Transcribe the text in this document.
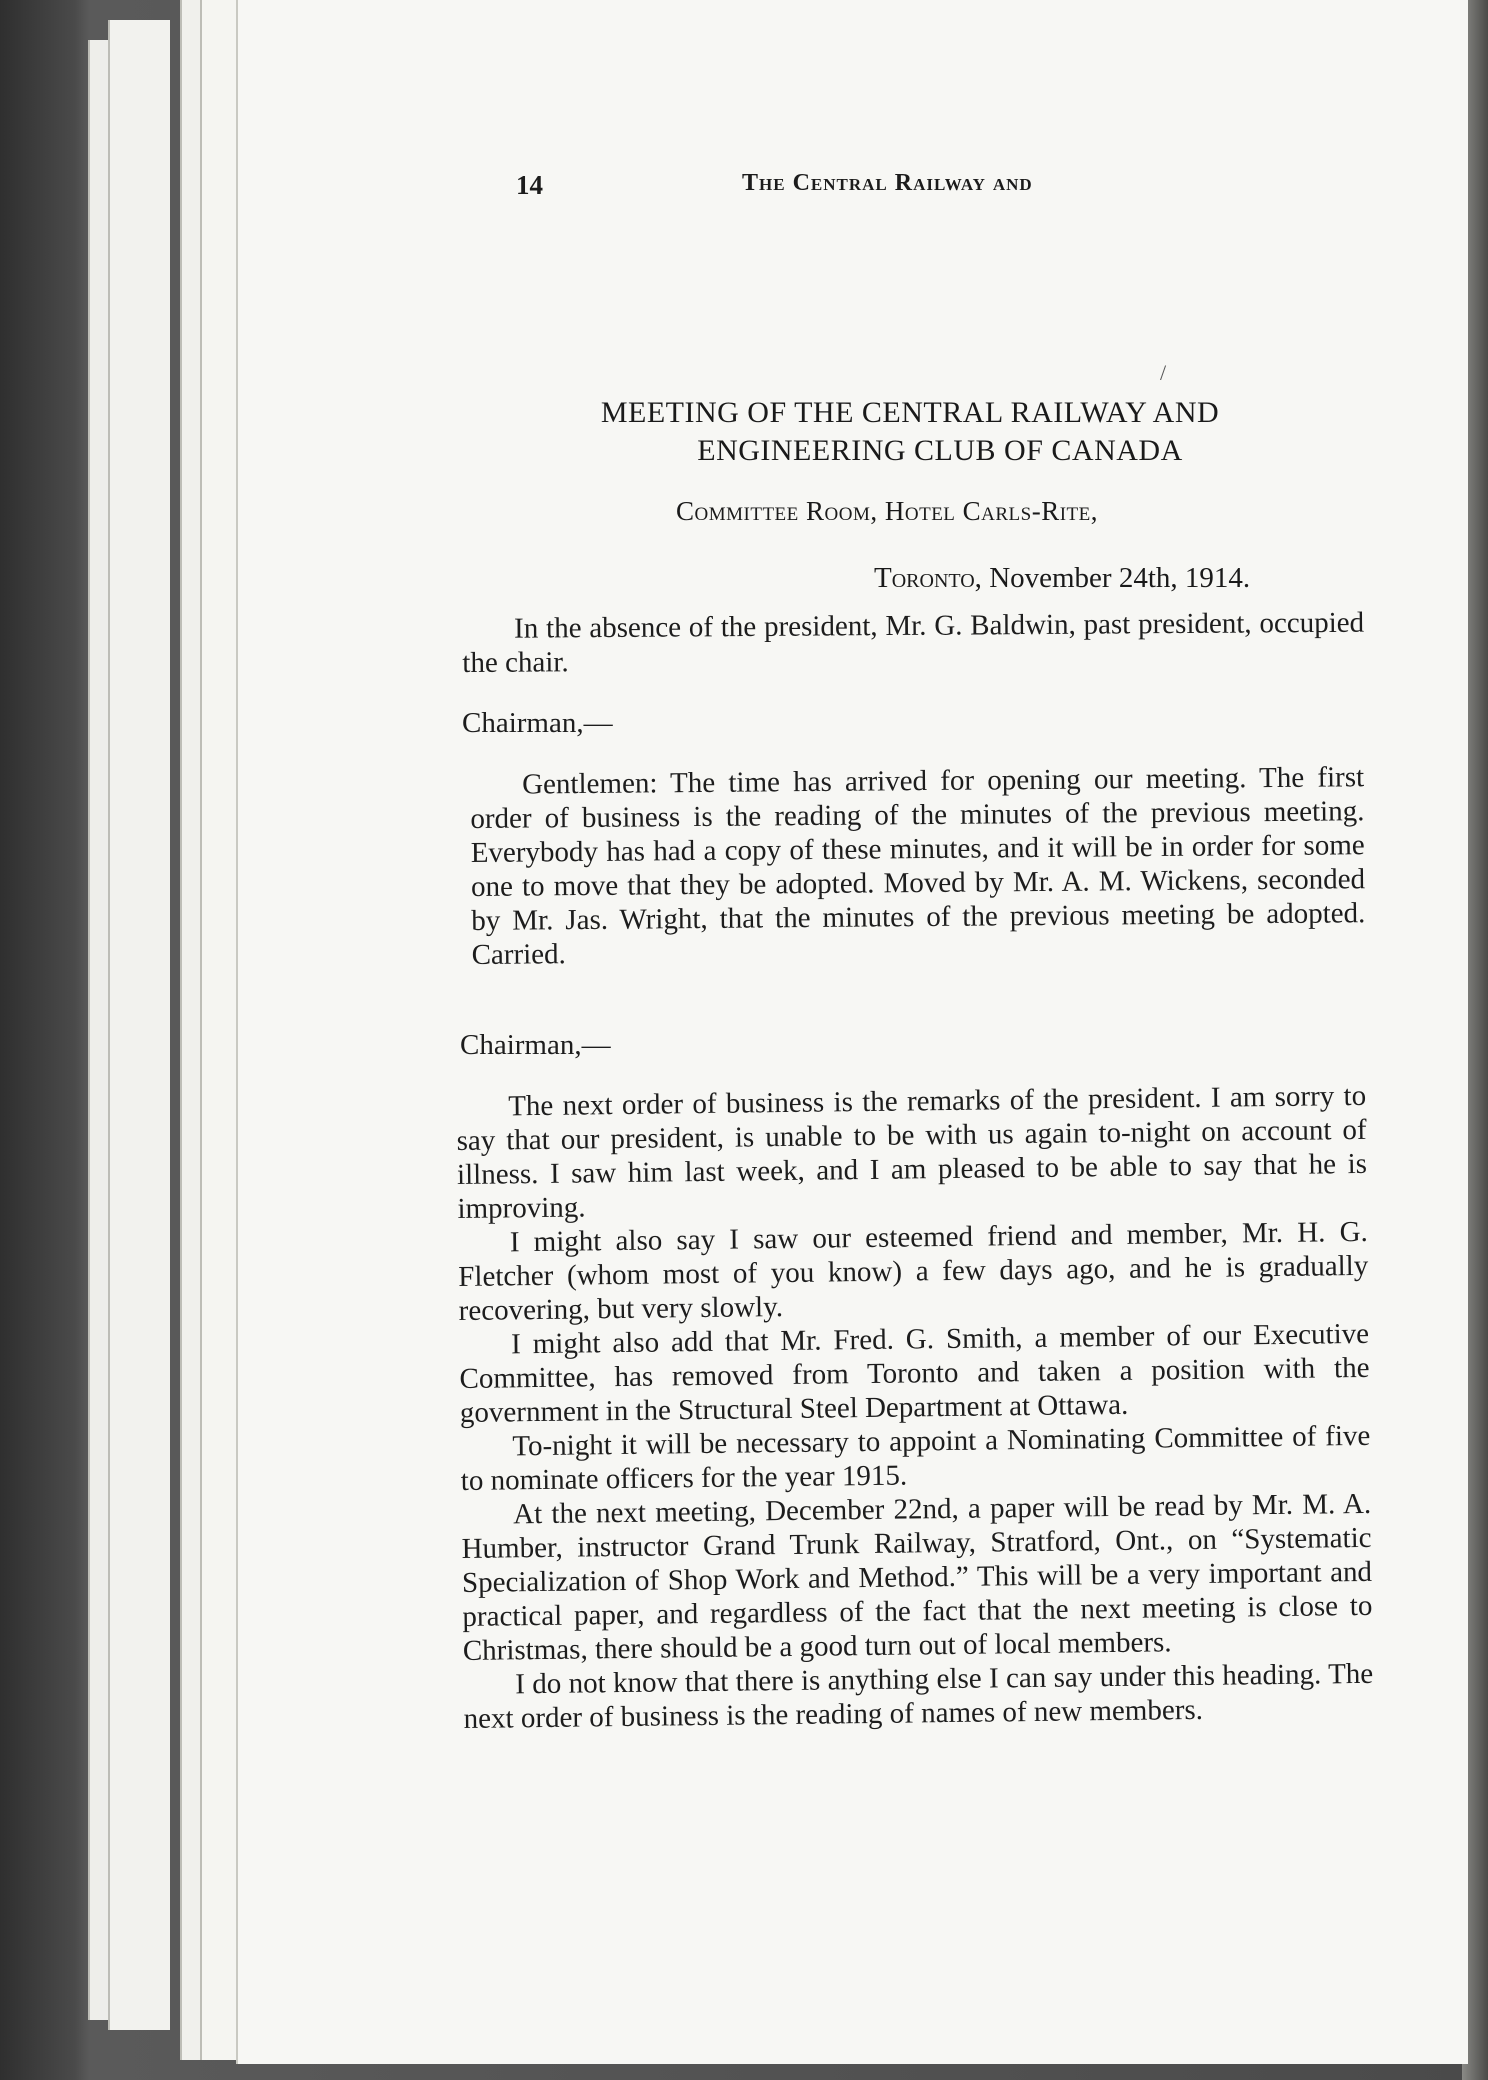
14	The Central Railway and
MEETING OF THE CENTRAL RAILWAY AND
ENGINEERING CLUB OF CANADA
Committee Room, Hotel Carls-Rite,
Toronto, November 24th, 1914.

In the absence of the president, Mr. G. Baldwin, past president, occupied the chair.

Chairman,—

Gentlemen: The time has arrived for opening our meeting. The first order of business is the reading of the minutes of the previous meeting. Everybody has had a copy of these minutes, and it will be in order for some one to move that they be adopted. Moved by Mr. A. M. Wickens, seconded by Mr. Jas. Wright, that the minutes of the previous meeting be adopted. Carried.

Chairman,—

The next order of business is the remarks of the president. I am sorry to say that our president, is unable to be with us again to-night on account of illness. I saw him last week, and I am pleased to be able to say that he is improving.

I might also say I saw our esteemed friend and member, Mr. H. G. Fletcher (whom most of you know) a few days ago, and he is gradually recovering, but very slowly.

I might also add that Mr. Fred. G. Smith, a member of our Executive Committee, has removed from Toronto and taken a position with the government in the Structural Steel Department at Ottawa.

To-night it will be necessary to appoint a Nominating Committee of five to nominate officers for the year 1915.

At the next meeting, December 22nd, a paper will be read by Mr. M. A. Humber, instructor Grand Trunk Railway, Stratford, Ont., on “Systematic Specialization of Shop Work and Method.” This will be a very important and practical paper, and regardless of the fact that the next meeting is close to Christmas, there should be a good turn out of local members.

I do not know that there is anything else I can say under this heading. The next order of business is the reading of names of new members.

/
